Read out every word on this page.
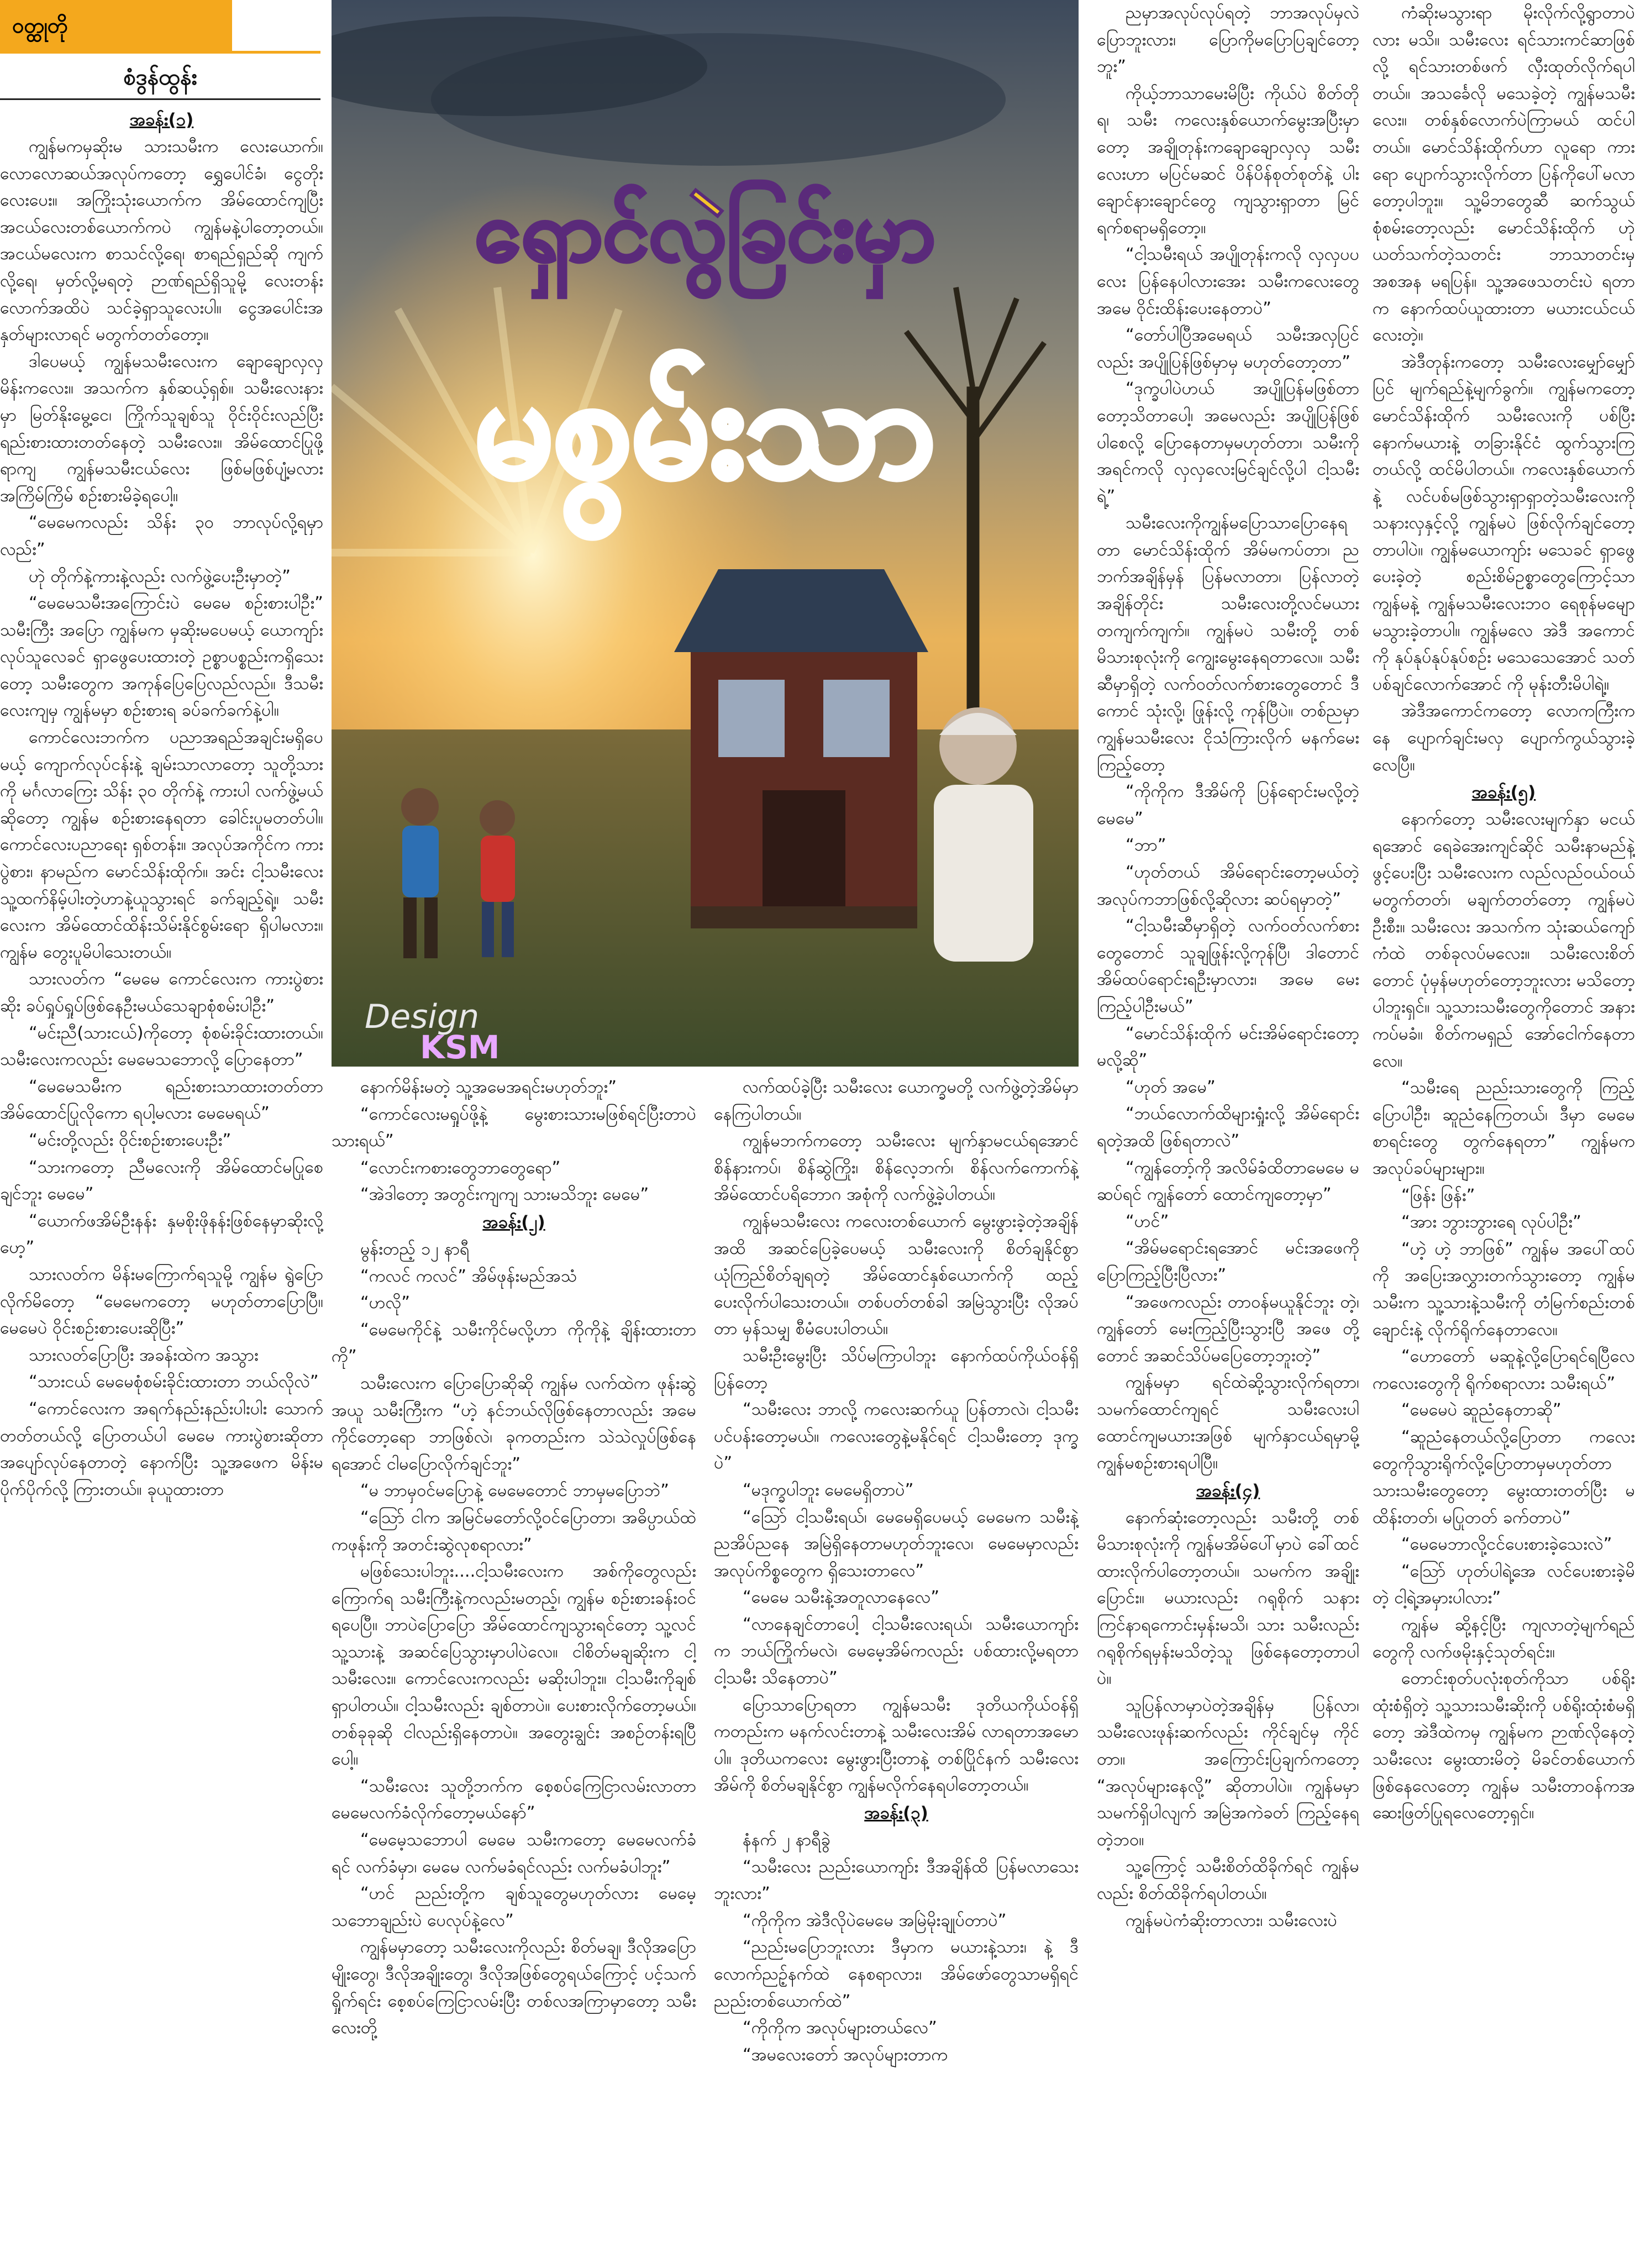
ဝတ္ထုတို
စံဒွန်ထွန်း
ရှောင်လွဲခြင်းမှာ
မစွမ်းသာ
Design
KSM
အခန်း(၁)

ကျွန်မကမှဆိုးမ သားသမီးက လေးယောက်။ လောလောဆယ်အလုပ်ကတော့ ရွှေပေါင်ခံ၊ ငွေတိုးလေးပေး။ အကြိုးသုံးယောက်က အိမ်ထောင်ကျပြီး အငယ်လေးတစ်ယောက်ကပဲ ကျွန်မနဲ့ပါတော့တယ်။ အငယ်မလေးက စာသင်လို့ရေ၊ စာရည်ရှည်ဆို ကျက်လို့ရေ၊ မှတ်လို့မရတဲ့ ဉာဏ်ရည်ရှိသူမို့ လေးတန်းလောက်အထိပဲ သင်ခဲ့ရှာသူလေးပါ။ ငွေအပေါင်းအနှတ်များလာရင် မတွက်တတ်တော့။

ဒါပေမယ့် ကျွန်မသမီးလေးက ချောချောလှလှမိန်းကလေး။ အသက်က နှစ်ဆယ့်ရှစ်။ သမီးလေးနားမှာ မြတ်နိုးမွေ့ငေ၊ ကြိုက်သူချစ်သူ ဝိုင်းဝိုင်းလည်ပြီး ရည်းစားထားတတ်နေတဲ့ သမီးလေး။ အိမ်ထောင်ပြုဖို့ရာကျ ကျွန်မသမီးငယ်လေး ဖြစ်မဖြစ်ပျံ့မလား အကြိမ်ကြိမ် စဉ်းစားမိခဲ့ရပေါ့။

“မေမေကလည်း သိန်း ၃၀ ဘာလုပ်လို့ရမှာလည်း”

ဟုဲ တိုက်နဲ့ကားနဲ့လည်း လက်ဖွဲ့ပေးဦးမှာတဲ့”

“မေမေသမီးအကြောင်းပဲ မေမေ စဉ်းစားပါဦး” သမီးကြီး အပြော ကျွန်မက မှဆိုးမပေမယ့် ယောကျာ်းလုပ်သူလေခင် ရှာဖွေပေးထားတဲ့ ဥစ္စာပစ္စည်းကရှိသေးတော့ သမီးတွေက အကုန်ပြေပြေလည်လည်။ ဒီသမီးလေးကျမှ ကျွန်မမှာ စဉ်းစားရ ခပ်ခက်ခက်နဲ့ပါ။

ကောင်လေးဘက်က ပညာအရည်အချင်းမရှိပေမယ့် ကျောက်လုပ်ငန်းနဲ့ ချမ်းသာလာတော့ သူတို့သားကို မင်္ဂလာကြေး သိန်း ၃၀ တိုက်နဲ့ ကားပါ လက်ဖွဲ့မယ်ဆိုတော့ ကျွန်မ စဉ်းစားနေရတာ ခေါင်းပူမတတ်ပါ။ ကောင်လေးပညာရေး ရှစ်တန်း။ အလုပ်အကိုင်က ကားပွဲစား၊ နာမည်က မောင်သိန်းထိုက်။ အင်း ငါ့သမီးလေး သူ့ထက်နိမ့်ပါးတဲ့ဟာနဲ့ယူသွားရင် ခက်ချည့်ရဲ့။ သမီးလေးက အိမ်ထောင်ထိန်းသိမ်းနိုင်စွမ်းရော ရှိပါမလား။ ကျွန်မ တွေးပူမိပါသေးတယ်။

သားလတ်က “မေမေ ကောင်လေးက ကားပွဲစားဆိုး ခပ်ရှုပ်ရှုပ်ဖြစ်နေဦးမယ်သေချာစုံစမ်းပါဦး”

“မင်းညီ(သားငယ်)ကိုတော့ စုံစမ်းခိုင်းထားတယ်။ သမီးလေးကလည်း မေမေသဘောလို့ ပြောနေတာ”

“မေမေသမီးက ရည်းစားသာထားတတ်တာ အိမ်ထောင်ပြုလိုကော ရပါ့မလား မေမေရယ်”

“မင်းတို့လည်း ဝိုင်းစဉ်းစားပေးဦး”

“သားကတော့ ညီမလေးကို အိမ်ထောင်မပြုစေချင်ဘူး မေမေ”

“ယောက်ဖအိမ်ဦးနန်း နှမစိုးဖိုနန်းဖြစ်နေမှာဆိုးလို့ဟေ့”

သားလတ်က မိန်းမကြောက်ရသူမို့ ကျွန်မ ရွဲပြောလိုက်မိတော့ “မေမေကတော့ မဟုတ်တာပြောပြီ။ မေမေပဲ ဝိုင်းစဉ်းစားပေးဆိုပြီး”

သားလတ်ပြောပြီး အခန်းထဲက အသွား

“သားငယ် မေမေစုံစမ်းခိုင်းထားတာ ဘယ်လိုလဲ”

“ကောင်လေးက အရက်နည်းနည်းပါးပါး သောက်တတ်တယ်လို့ ပြောတယ်ပါ မေမေ ကားပွဲစားဆိုတာ အပျော်လုပ်နေတာတဲ့ နောက်ပြီး သူ့အဖေက မိန်းမ ပိုက်ပိုက်လို့ ကြားတယ်။ ခုယူထားတာ

နောက်မိန်းမတဲ့ သူ့အမေအရင်းမဟုတ်ဘူး”

“ကောင်လေးမရှုပ်ဖို့နဲ့ မွေးစားသားမဖြစ်ရင်ပြီးတာပဲ သားရယ်”

“လောင်းကစားတွေဘာတွေရော”

“အဲဒါတော့ အတွင်းကျကျ သားမသိဘူး မေမေ”

အခန်း(၂)

မွန်းတည့် ၁၂ နာရီ

“ကလင် ကလင်” အိမ်ဖုန်းမည်အသံ

“ဟလို”

“မေမေကိုင်နဲ့ သမီးကိုင်မလို့ဟာ ကိုကိုနဲ့ ချိန်းထားတာကို”

သမီးလေးက ပြောပြောဆိုဆို ကျွန်မ လက်ထဲက ဖုန်းဆွဲအယူ သမီးကြီးက “ဟဲ့ နင်ဘယ်လိုဖြစ်နေတာလည်း အမေကိုင်တော့ရော ဘာဖြစ်လဲ၊ ခုကတည်းက သဲသဲလှုပ်ဖြစ်နေရအောင် ငါမပြောလိုက်ချင်ဘူး”

“မ ဘာမှဝင်မပြောနဲ့ မေမေတောင် ဘာမှမပြောဘဲ”

“သြော် ငါက အမြင်မတော်လို့ဝင်ပြောတာ၊ အဓိပ္ပာယ်ထဲကဖုန်းကို အတင်းဆွဲလုစရာလား”

မဖြစ်သေးပါဘူး....ငါ့သမီးလေးက အစ်ကိုတွေလည်းကြောက်ရ သမီးကြီးနဲ့ကလည်းမတည့်၊ ကျွန်မ စဉ်းစားခန်းဝင်ရပေပြီ။ ဘာပဲပြောပြော အိမ်ထောင်ကျသွားရင်တော့ သူ့လင်သူ့သားနဲ့ အဆင်ပြေသွားမှာပါပဲလေ။ ငါစိတ်မချဆိုးက ငါ့သမီးလေး။ ကောင်လေးကလည်း မဆိုးပါဘူး။ ငါ့သမီးကိုချစ်ရှာပါတယ်။ ငါ့သမီးလည်း ချစ်တာပဲ။ ပေးစားလိုက်တော့မယ်။ တစ်ခုခုဆို ငါလည်းရှိနေတာပဲ။ အတွေးချွင်း အစဉ်တန်းရပြီပေါ့။

“သမီးလေး သူတို့ဘက်က စေ့စပ်ကြေငြာလမ်းလာတာ မေမေလက်ခံလိုက်တော့မယ်နော်”

“မေမေ့သဘောပါ မေမေ သမီးကတော့ မေမေလက်ခံရင် လက်ခံမှာ၊ မေမေ လက်မခံရင်လည်း လက်မခံပါဘူး”

“ဟင် ညည်းတို့က ချစ်သူတွေမဟုတ်လား မေမေ့သဘောချည်းပဲ ပေလုပ်နဲ့လေ”

ကျွန်မမှာတော့ သမီးလေးကိုလည်း စိတ်မချ၊ ဒီလိုအပြောမျိုးတွေ၊ ဒီလိုအချိုးတွေ၊ ဒီလိုအဖြစ်တွေရယ်ကြောင့် ပင့်သက်ရှိုက်ရင်း စေ့စပ်ကြေငြာလမ်းပြီး တစ်လအကြာမှာတော့ သမီးလေးတို့

လက်ထပ်ခဲ့ပြီး သမီးလေး ယောက္ခမတို့ လက်ဖွဲ့တဲ့အိမ်မှာ နေကြပါတယ်။

ကျွန်မဘက်ကတော့ သမီးလေး မျက်နှာမငယ်ရအောင် စိန်နားကပ်၊ စိန်ဆွဲကြိုး၊ စိန်လေ့ဘက်၊ စိန်လက်ကောက်နဲ့ အိမ်ထောင်ပရိဘောဂ အစုံကို လက်ဖွဲ့ခဲ့ပါတယ်။

ကျွန်မသမီးလေး ကလေးတစ်ယောက် မွေးဖွားခဲ့တဲ့အချိန်အထိ အဆင်ပြေခဲ့ပေမယ့် သမီးလေးကို စိတ်ချနိုင်စွာ ယုံကြည်စိတ်ချရတဲ့ အိမ်ထောင်နှစ်ယောက်ကို ထည့်ပေးလိုက်ပါသေးတယ်။ တစ်ပတ်တစ်ခါ အမြဲသွားပြီး လိုအပ်တာ မှန်သမျှ စီမံပေးပါတယ်။

သမီးဦးမွေးပြီး သိပ်မကြာပါဘူး နောက်ထပ်ကိုယ်ဝန်ရှိပြန်တော့

“သမီးလေး ဘာလို့ ကလေးဆက်ယူ ပြန်တာလဲ၊ ငါ့သမီးပင်ပန်းတော့မယ်။ ကလေးတွေနဲ့မနိုင်ရင် ငါ့သမီးတော့ ဒုက္ခပဲ”

“မဒုက္ခပါဘူး မေမေရှိတာပဲ”

“သြော် ငါ့သမီးရယ်၊ မေမေရှိပေမယ့် မေမေက သမီးနဲ့ ညအိပ်ညနေ အမြဲရှိနေတာမဟုတ်ဘူးလေ၊ မေမေမှာလည်း အလုပ်ကိစ္စတွေက ရှိသေးတာလေ”

“မေမေ သမီးနဲ့အတူလာနေလေ”

“လာနေချင်တာပေါ့ ငါ့သမီးလေးရယ်၊ သမီးယောကျာ်းက ဘယ်ကြိုက်မလဲ၊ မေမေ့အိမ်ကလည်း ပစ်ထားလို့မရတာ ငါ့သမီး သိနေတာပဲ”

ပြောသာပြောရတာ ကျွန်မသမီး ဒုတိယကိုယ်ဝန်ရှိကတည်းက မနက်လင်းတာနဲ့ သမီးလေးအိမ် လာရတာအမောပါ။ ဒုတိယကလေး မွေးဖွားပြီးတာနဲ့ တစ်ပြိုင်နက် သမီးလေးအိမ်ကို စိတ်မချနိုင်စွာ ကျွန်မလိုက်နေရပါတော့တယ်။

အခန်း(၃)

နံနက် ၂ နာရီခွဲ

“သမီးလေး ညည်းယောကျာ်း ဒီအချိန်ထိ ပြန်မလာသေးဘူးလား”

“ကိုကိုက အဲဒီလိုပဲမေမေ အမြဲမိုးချုပ်တာပဲ”

“ညည်းမပြောဘူးလား ဒီမှာက မယားနဲ့သား၊ နဲ့ ဒီလောက်ညဉ့်နက်ထဲ နေစရာလား၊ အိမ်ဖော်တွေသာမရှိရင် ညည်းတစ်ယောက်ထဲ”

“ကိုကိုက အလုပ်များတယ်လေ”

“အမလေးတော် အလုပ်များတာက

ညမှာအလုပ်လုပ်ရတဲ့ ဘာအလုပ်မှလဲ ပြောဘူးလား၊ ပြောကိုမပြောပြချင်တော့ဘူး”

ကိုယ့်ဘာသာမေးမိပြီး ကိုယ်ပဲ စိတ်တိုရ၊ သမီး ကလေးနှစ်ယောက်မွေးအပြီးမှာတော့ အချိုတုန်းကချောချောလှလှ သမီးလေးဟာ မပြင်မဆင် ပိန်ပိန်စုတ်စုတ်နဲ့ ပါးချောင်နားချောင်တွေ ကျသွားရှာတာ မြင်ရက်စရာမရှိတော့။

“ငါ့သမီးရယ် အပျိုတုန်းကလို လှလှပပလေး ပြန်နေပါလားအေး သမီးကလေးတွေ အမေ ဝိုင်းထိန်းပေးနေတာပဲ”

“တော်ပါပြီအမေရယ် သမီးအလှပြင်လည်း အပျိုပြန်ဖြစ်မှာမှ မဟုတ်တော့တာ”

“ဒုက္ခပါပဲဟယ် အပျိုပြန်မဖြစ်တာ တော့သိတာပေါ့၊ အမေလည်း အပျိုပြန်ဖြစ်ပါစေလို့ ပြောနေတာမှမဟုတ်တာ၊ သမီးကို အရင်ကလို လှလှလေးမြင်ချင်လို့ပါ ငါ့သမီးရဲ့”

သမီးလေးကိုကျွန်မပြောသာပြောနေရတာ မောင်သိန်းထိုက် အိမ်မကပ်တာ၊ ညဘက်အချိန်မှန် ပြန်မလာတာ၊ ပြန်လာတဲ့အချိန်တိုင်း သမီးလေးတို့လင်မယား တကျက်ကျက်။ ကျွန်မပဲ သမီးတို့ တစ်မိသားစုလုံးကို ကျွေးမွေးနေရတာလေ။ သမီးဆီမှာရှိတဲ့ လက်ဝတ်လက်စားတွေတောင် ဒီကောင် သုံးလို့၊ ဖြုန်းလို့ ကုန်ပြီပဲ။ တစ်ညမှာ ကျွန်မသမီးလေး ငိုသံကြားလိုက် မနက်မေးကြည့်တော့

“ကိုကိုက ဒီအိမ်ကို ပြန်ရောင်းမလို့တဲ့ မေမေ”

“ဘာ”

“ဟုတ်တယ် အိမ်ရောင်းတော့မယ်တဲ့ အလုပ်ကဘာဖြစ်လို့ဆိုလား ဆပ်ရမှာတဲ့”

“ငါ့သမီးဆီမှာရှိတဲ့ လက်ဝတ်လက်စားတွေတောင် သူချဖြုန်းလို့ကုန်ပြီ၊ ဒါတောင် အိမ်ထပ်ရောင်းရဦးမှာလား၊ အမေ မေးကြည့်ပါဦးမယ်”

“မောင်သိန်းထိုက် မင်းအိမ်ရောင်းတော့မလို့ဆို”

“ဟုတ် အမေ”

“ဘယ်လောက်ထိများရှုံးလို့ အိမ်ရောင်းရတဲ့အထိ ဖြစ်ရတာလဲ”

“ကျွန်တော့်ကို အလိမ်ခံထိတာမေမေ မဆပ်ရင် ကျွန်တော် ထောင်ကျတော့မှာ”

“ဟင်”

“အိမ်မရောင်းရအောင် မင်းအဖေကို ပြောကြည့်ပြီးပြီလား”

“အဖေကလည်း တာဝန်မယူနိုင်ဘူး တဲ့၊ ကျွန်တော် မေးကြည့်ပြီးသွားပြီ အဖေ တို့တောင် အဆင်သိပ်မပြေတော့ဘူးတဲ့”

ကျွန်မမှာ ရင်ထဲဆို့သွားလိုက်ရတာ၊ သမက်ထောင်ကျရင် သမီးလေးပါ ထောင်ကျမယားအဖြစ် မျက်နှာငယ်ရမှာမို့ ကျွန်မစဉ်းစားရပါပြီ။

အခန်း(၄)

နောက်ဆုံးတော့လည်း သမီးတို့ တစ်မိသားစုလုံးကို ကျွန်မအိမ်ပေါ်မှာပဲ ခေါ်ထင်ထားလိုက်ပါတော့တယ်။ သမက်က အချိုးပြောင်း။ မယားလည်း ဂရုစိုက် သနားကြင်နာရကောင်းမှန်းမသိ၊ သား သမီးလည်း ဂရုစိုက်ရမှန်းမသိတဲ့သူ ဖြစ်နေတော့တာပါပဲ။

သူပြန်လာမှာပဲတဲ့အချိန်မှ ပြန်လာ၊ သမီးလေးဖုန်းဆက်လည်း ကိုင်ချင်မှ ကိုင်တာ။ အကြောင်းပြချက်ကတော့ “အလုပ်များနေလို့” ဆိုတာပါပဲ။ ကျွန်မမှာ သမက်ရှိပါလျက် အမြဲအကဲခတ် ကြည့်နေရတဲ့ဘဝ။

သူ့ကြောင့် သမီးစိတ်ထိခိုက်ရင် ကျွန်မလည်း စိတ်ထိခိုက်ရပါတယ်။

ကျွန်မပဲကံဆိုးတာလား၊ သမီးလေးပဲ

ကံဆိုးမသွားရာ မိုးလိုက်လို့ရွာတာပဲလား မသိ။ သမီးလေး ရင်သားကင်ဆာဖြစ်လို့ ရင်သားတစ်ဖက် လှီးထုတ်လိုက်ရပါတယ်။ အသင်္ခေလို မသေခဲ့တဲ့ ကျွန်မသမီးလေး။ တစ်နှစ်လောက်ပဲကြာမယ် ထင်ပါတယ်။ မောင်သိန်းထိုက်ဟာ လူရော ကားရော ပျောက်သွားလိုက်တာ ပြန်ကိုပေါ်မလာတော့ပါဘူး။ သူ့မိဘတွေဆီ ဆက်သွယ်စုံစမ်းတော့လည်း မောင်သိန်းထိုက် ဟုဲ ယတ်သက်တဲ့သတင်း ဘာသာတင်းမှ အစအန မရပြန်။ သူ့အဖေသတင်းပဲ ရတာက နောက်ထပ်ယူထားတာ မယားငယ်ငယ်လေးတဲ့။

အဲဒီတုန်းကတော့ သမီးလေးမျှော်မျှော်ပြင် မျက်ရည်နဲ့မျက်ခွက်။ ကျွန်မကတော့ မောင်သိန်းထိုက် သမီးလေးကို ပစ်ပြီး နောက်မယားနဲ့ တခြားနိုင်ငံ ထွက်သွားကြတယ်လို့ ထင်မိပါတယ်။ ကလေးနှစ်ယောက်နဲ့ လင်ပစ်မဖြစ်သွားရှာရှာတဲ့သမီးလေးကို သနားလှနှင့်လို့ ကျွန်မပဲ ဖြစ်လိုက်ချင်တော့တာပါပဲ။ ကျွန်မယောကျာ်း မသေခင် ရှာဖွေပေးခဲ့တဲ့ စည်းစိမ်ဥစ္စာတွေကြောင့်သာ ကျွန်မနဲ့ ကျွန်မသမီးလေးဘဝ ရေစုန်မမျောမသွားခဲ့တာပါ။ ကျွန်မလေ အဲဒီ အကောင်ကို နုပ်နုပ်နုပ်နုပ်စဉ်း မသေသေအောင် သတ်ပစ်ချင်လောက်အောင် ကို မုန်းတီးမိပါရဲ့။

အဲဒီအကောင်ကတော့ လောကကြီးကနေ ပျောက်ချင်းမလှ ပျောက်ကွယ်သွားခဲ့လေပြီ။

အခန်း(၅)

နောက်တော့ သမီးလေးမျက်နှာ မငယ်ရအောင် ရေခဲအေးကျင်ဆိုင် သမီးနာမည်နဲ့ဖွင့်ပေးပြီး သမီးလေးက လည်လည်ဝယ်ဝယ် မတွက်တတ်၊ မချက်တတ်တော့ ကျွန်မပဲ ဦးစီး။ သမီးလေး အသက်က သုံးဆယ်ကျော်ကံထဲ တစ်ခုလပ်မလေး။ သမီးလေးစိတ်တောင် ပုံမှန်မဟုတ်တော့ဘူးလား မသိတော့ပါဘူးရှင်။ သူ့သားသမီးတွေကိုတောင် အနားကပ်မခံ။ စိတ်ကမရှည် အော်ငေါက်နေတာလေ။

“သမီးရေ ညည်းသားတွေကို ကြည့်ပြောပါဦး၊ ဆူညံနေကြတယ်၊ ဒီမှာ မေမေစာရင်းတွေ တွက်နေရတာ” ကျွန်မက အလုပ်ခပ်များများ။

“ဖြန်း ဖြန်း”

“အား ဘွားဘွားရေ လုပ်ပါဦး”

“ဟဲ့ ဟဲ့ ဘာဖြစ်” ကျွန်မ အပေါ်ထပ်ကို အပြေးအလွှားတက်သွားတော့ ကျွန်မသမီးက သူ့သားနဲ့သမီးကို တံမြက်စည်းတစ်ချောင်းနဲ့ လိုက်ရိုက်နေတာလေ။

“ဟောတော် မဆူနဲ့လို့ပြောရင်ရပြီလေ ကလေးတွေကို ရိုက်စရာလား သမီးရယ်”

“မေမေပဲ ဆူညံနေတာဆို”

“ဆူညံနေတယ်လို့ပြောတာ ကလေးတွေကိုသွားရိုက်လို့ပြောတာမှမဟုတ်တာ သားသမီးတွေတော့ မွေးထားတတ်ပြီး မထိန်းတတ်၊ မပြုတတ် ခက်တာပဲ”

“မေမေဘာလို့ငင်ပေးစားခဲ့သေးလဲ”

“သြော် ဟုတ်ပါရဲ့အေ လင်ပေးစားခဲ့မိတဲ့ ငါ့ရဲ့အမှားပါလား”

ကျွန်မ ဆို့နင့်ပြီး ကျလာတဲ့မျက်ရည်တွေကို လက်ဖမိုးနှင့်သုတ်ရင်း။

တောင်းစုတ်ပလုံးစုတ်ကိုသာ ပစ်ရိုးထုံးစံရှိတဲ့ သူ့သားသမီးဆိုးကို ပစ်ရိုးထုံးစံမရှိတော့ အဲဒီထဲကမှ ကျွန်မက ဉာဏ်လိုနေတဲ့ သမီးလေး မွေးထားမိတဲ့ မိခင်တစ်ယောက်ဖြစ်နေလေတော့ ကျွန်မ သမီးတာဝန်ကအဆေးဖြတ်ပြုရလေတော့ရှင်။
